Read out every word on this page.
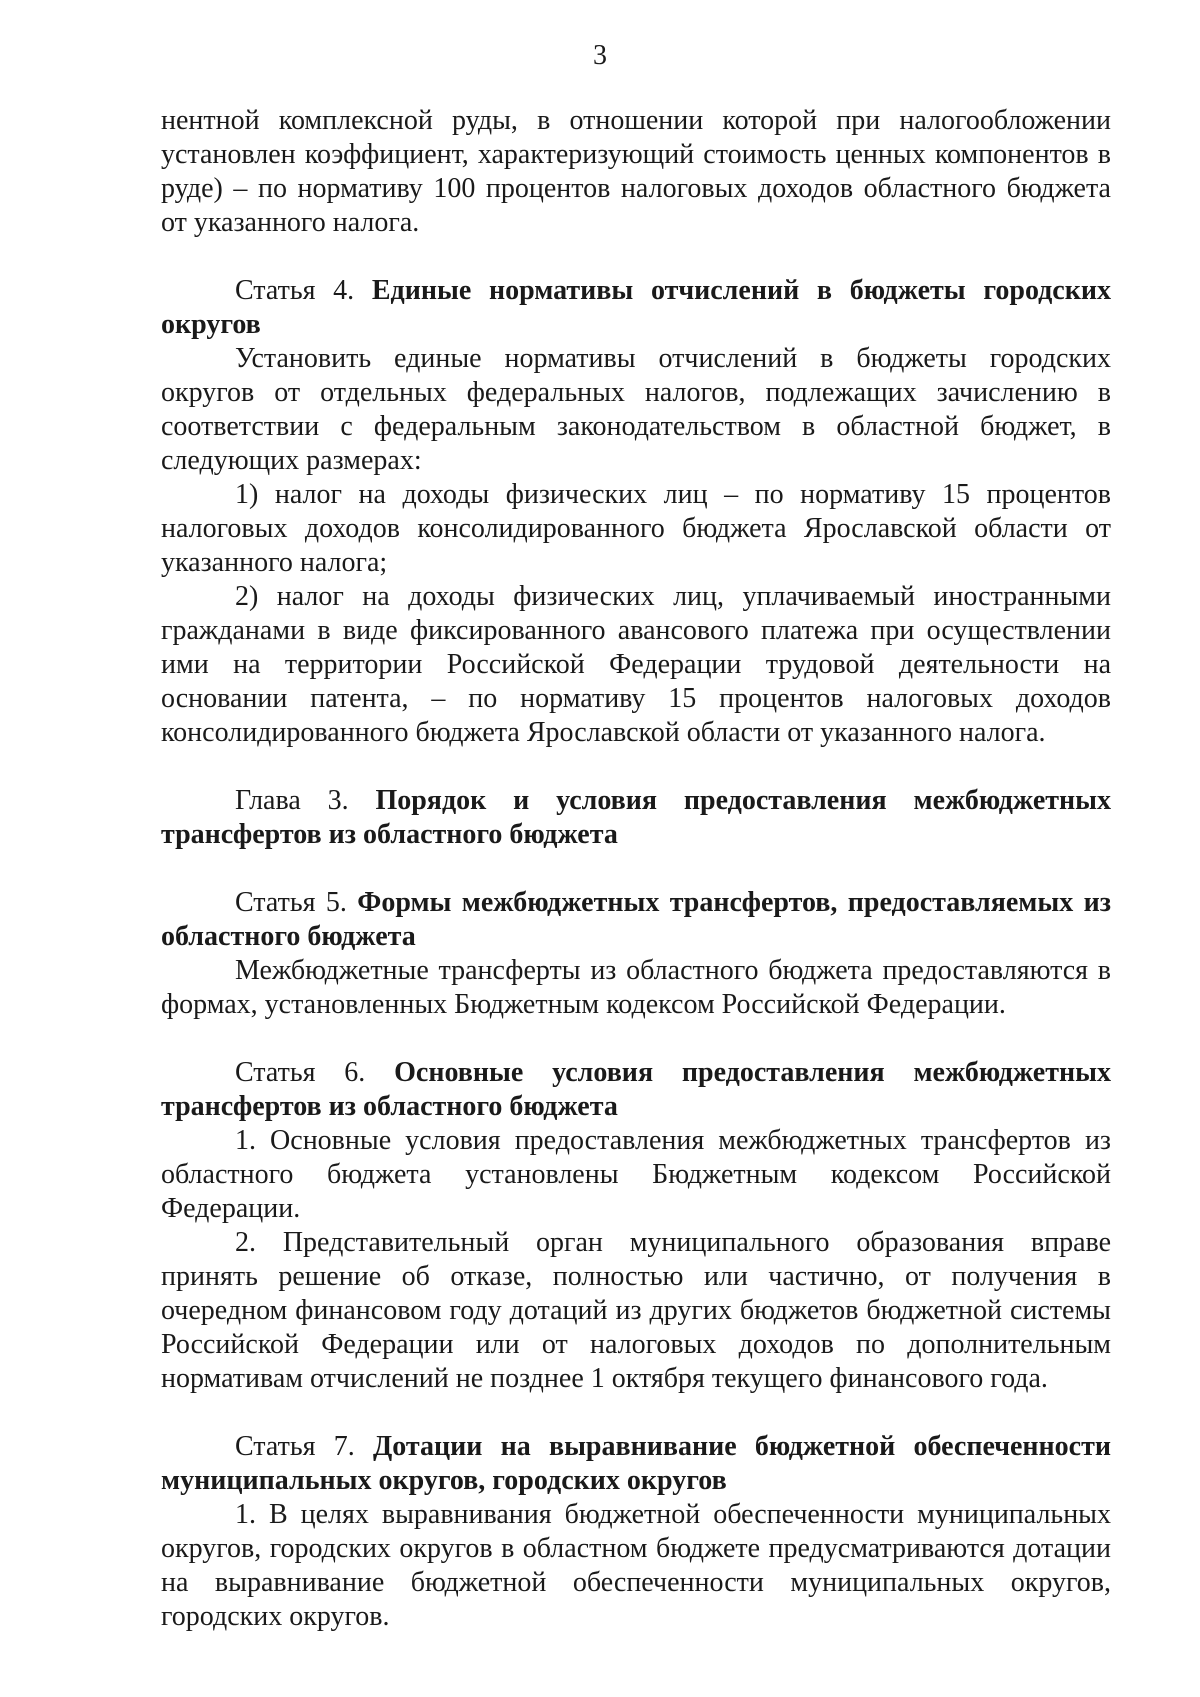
3

нентной комплексной руды, в отношении которой при налогообложении установлен коэффициент, характеризующий стоимость ценных компонентов в руде) – по нормативу 100 процентов налоговых доходов областного бюджета от указанного налога.

Статья 4. Единые нормативы отчислений в бюджеты городских округов

Установить единые нормативы отчислений в бюджеты городских округов от отдельных федеральных налогов, подлежащих зачислению в соответствии с федеральным законодательством в областной бюджет, в следующих размерах:

1) налог на доходы физических лиц – по нормативу 15 процентов налоговых доходов консолидированного бюджета Ярославской области от указанного налога;

2) налог на доходы физических лиц, уплачиваемый иностранными гражданами в виде фиксированного авансового платежа при осуществлении ими на территории Российской Федерации трудовой деятельности на основании патента, – по нормативу 15 процентов налоговых доходов консолидированного бюджета Ярославской области от указанного налога.

Глава 3. Порядок и условия предоставления межбюджетных трансфертов из областного бюджета

Статья 5. Формы межбюджетных трансфертов, предоставляемых из областного бюджета

Межбюджетные трансферты из областного бюджета предоставляются в формах, установленных Бюджетным кодексом Российской Федерации.

Статья 6. Основные условия предоставления межбюджетных трансфертов из областного бюджета

1. Основные условия предоставления межбюджетных трансфертов из областного бюджета установлены Бюджетным кодексом Российской Федерации.

2. Представительный орган муниципального образования вправе принять решение об отказе, полностью или частично, от получения в очередном финансовом году дотаций из других бюджетов бюджетной системы Российской Федерации или от налоговых доходов по дополнительным нормативам отчислений не позднее 1 октября текущего финансового года.

Статья 7. Дотации на выравнивание бюджетной обеспеченности муниципальных округов, городских округов

1. В целях выравнивания бюджетной обеспеченности муниципальных округов, городских округов в областном бюджете предусматриваются дотации на выравнивание бюджетной обеспеченности муниципальных округов, городских округов.
